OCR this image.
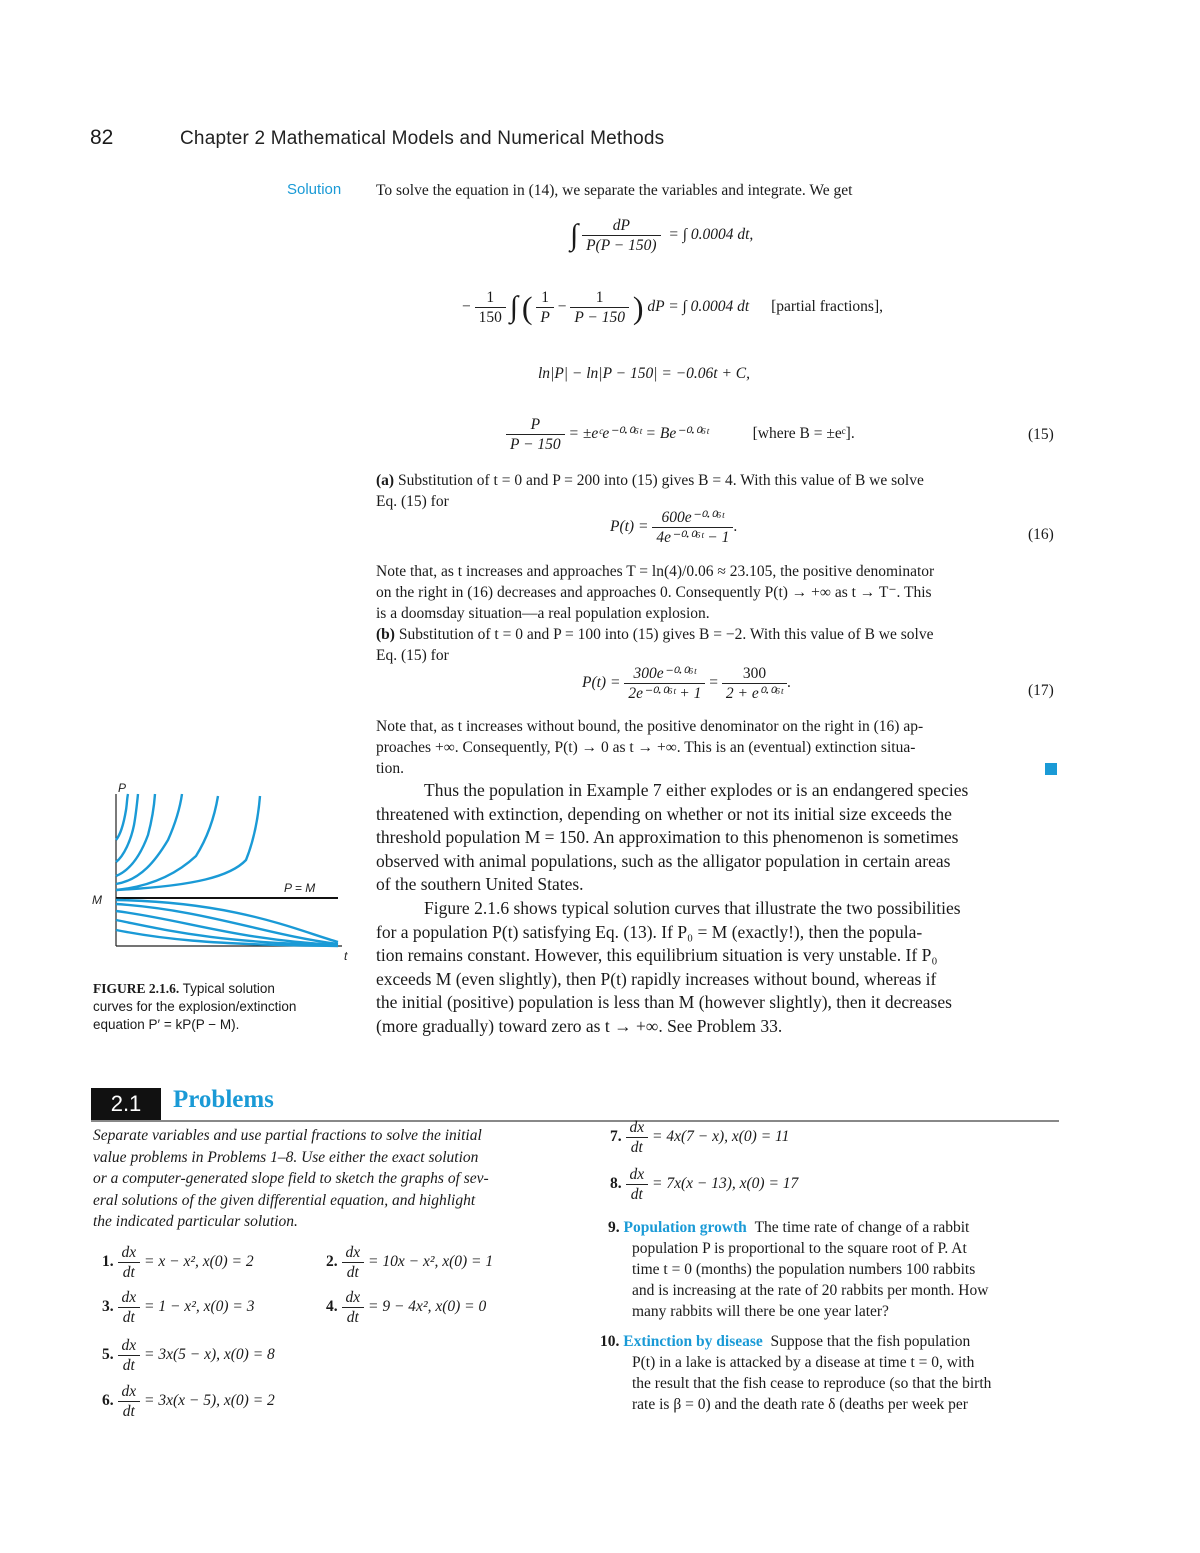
82	Chapter 2 Mathematical Models and Numerical Methods
Solution To solve the equation in (14), we separate the variables and integrate. We get
∫ $\frac{dP}{P(P - 150)}$ = ∫ 0.0004 dt,
− $\frac{1}{150}$ ∫ ( $\frac{1}{P} - \frac{1}{P - 150}$ ) dP = ∫ 0.0004 dt [partial fractions],
ln|P| − ln|P − 150| = −0.06t + C,
$\frac{P}{P - 150}$ = ±eᶜe⁻⁰·⁰⁶ᵗ = Be⁻⁰·⁰⁶ᵗ	[where B = ±eᶜ].	(15)
(a) Substitution of t = 0 and P = 200 into (15) gives B = 4. With this value of B we solve
Eq. (15) for
$P(t) = \frac{\text{600e⁻⁰·⁰⁶ᵗ}}{\text{4e⁻⁰·⁰⁶ᵗ − 1}}$ .	(16)
Note that, as t increases and approaches T = ln(4)/0.06 ≈ 23.105, the positive denominator
on the right in (16) decreases and approaches 0. Consequently P(t) → +∞ as t → T⁻. This
is a doomsday situation—a real population explosion.
(b) Substitution of t = 0 and P = 100 into (15) gives B = −2. With this value of B we solve
Eq. (15) for
$P(t) = \frac{\text{300e⁻⁰·⁰⁶ᵗ}}{\text{2e⁻⁰·⁰⁶ᵗ + 1}} = \frac{300}{\text{2 + e⁰·⁰⁶ᵗ}}$ .	(17)
Note that, as t increases without bound, the positive denominator on the right in (16) ap-
proaches +∞. Consequently, P(t) → 0 as t → +∞. This is an (eventual) extinction situa-
tion.
Thus the population in Example 7 either explodes or is an endangered species
threatened with extinction, depending on whether or not its initial size exceeds the
threshold population M = 150. An approximation to this phenomenon is sometimes
observed with animal populations, such as the alligator population in certain areas
of the southern United States.
Figure 2.1.6 shows typical solution curves that illustrate the two possibilities
for a population P(t) satisfying Eq. (13). If P₀ = M (exactly!), then the popula-
tion remains constant. However, this equilibrium situation is very unstable. If P₀
exceeds M (even slightly), then P(t) rapidly increases without bound, whereas if
the initial (positive) population is less than M (however slightly), then it decreases
(more gradually) toward zero as t → +∞. See Problem 33.
P
M
P = M
t
FIGURE 2.1.6. Typical solution
curves for the explosion/extinction
equation P′ = kP(P − M).
2.1	Problems
Separate variables and use partial fractions to solve the initial
value problems in Problems 1–8. Use either the exact solution
or a computer-generated slope field to sketch the graphs of sev-
eral solutions of the given differential equation, and highlight
the indicated particular solution.
1. $\frac{dx}{dt} = x - x^2$, x(0) = 2	2. $\frac{dx}{dt} = 10x - x^2$, x(0) = 1
3. $\frac{dx}{dt} = 1 - x^2$, x(0) = 3	4. $\frac{dx}{dt} = 9 - 4x^2$, x(0) = 0
5. $\frac{dx}{dt} = 3x(5 - x)$, x(0) = 8
6. $\frac{dx}{dt} = 3x(x - 5)$, x(0) = 2
7. $\frac{dx}{dt} = 4x(7 - x)$, x(0) = 11
8. $\frac{dx}{dt} = 7x(x - 13)$, x(0) = 17
9. Population growth The time rate of change of a rabbit
population P is proportional to the square root of P. At
time t = 0 (months) the population numbers 100 rabbits
and is increasing at the rate of 20 rabbits per month. How
many rabbits will there be one year later?
10. Extinction by disease Suppose that the fish population
P(t) in a lake is attacked by a disease at time t = 0, with
the result that the fish cease to reproduce (so that the birth
rate is β = 0) and the death rate δ (deaths per week per
